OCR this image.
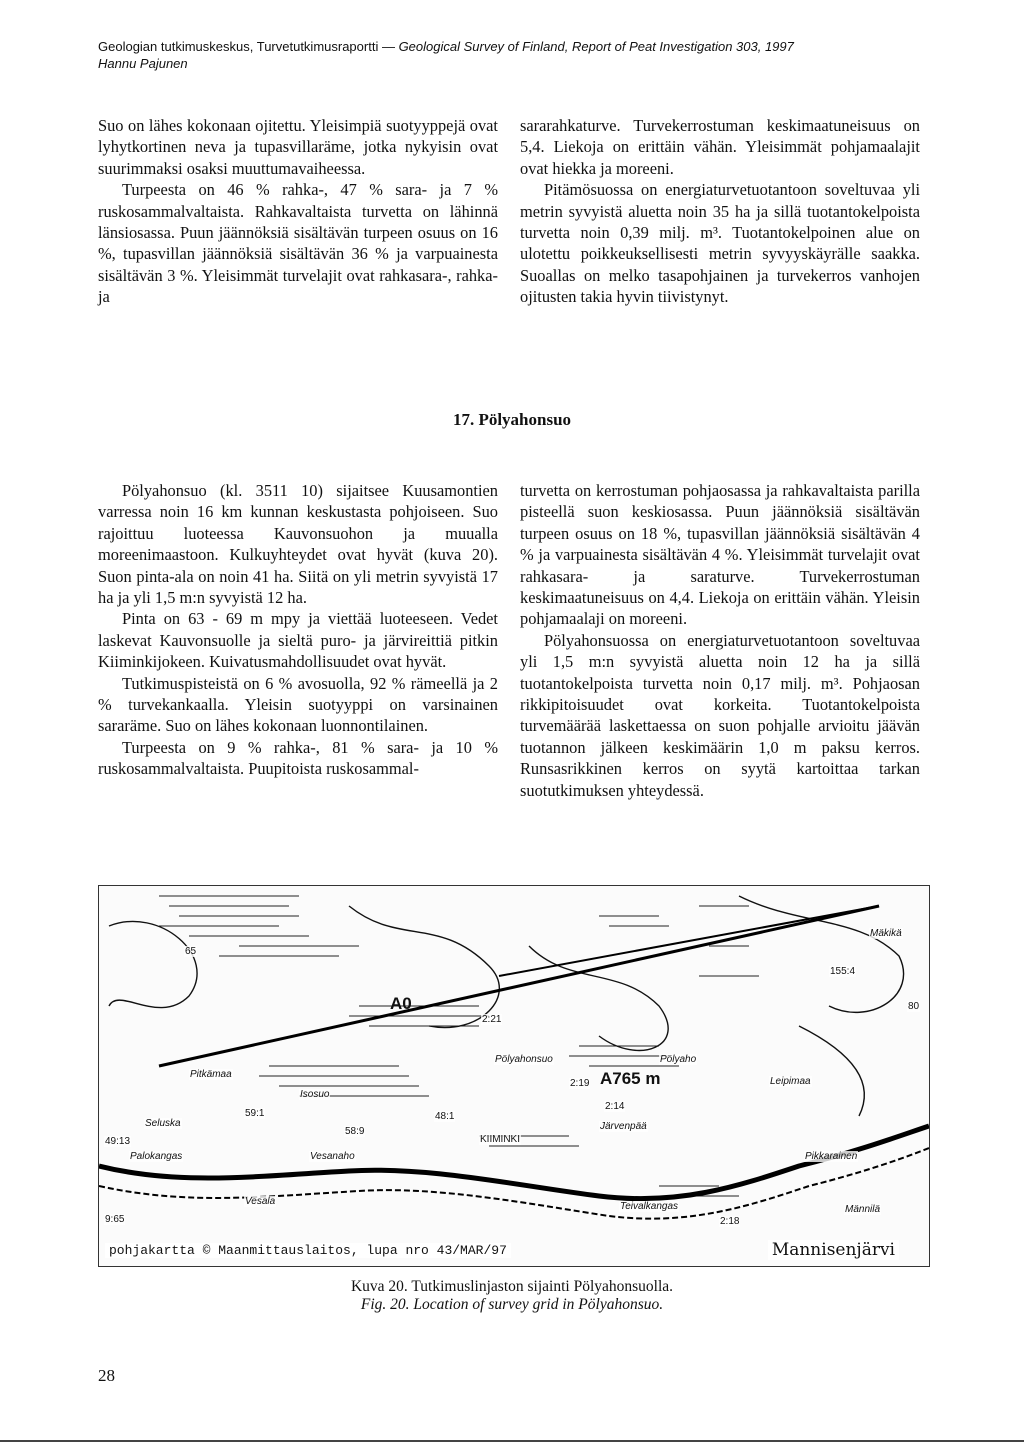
Geologian tutkimuskeskus, Turvetutkimusraportti — Geological Survey of Finland, Report of Peat Investigation 303, 1997
Hannu Pajunen

Suo on lähes kokonaan ojitettu. Yleisimpiä suotyyppejä ovat lyhytkortinen neva ja tupasvillaräme, jotka nykyisin ovat suurimmaksi osaksi muuttumavaiheessa.

Turpeesta on 46 % rahka-, 47 % sara- ja 7 % ruskosammalvaltaista. Rahkavaltaista turvetta on lähinnä länsiosassa. Puun jäännöksiä sisältävän turpeen osuus on 16 %, tupasvillan jäännöksiä sisältävän 36 % ja varpuainesta sisältävän 3 %. Yleisimmät turvelajit ovat rahkasara-, rahka- ja

sararahkaturve. Turvekerrostuman keskimaatuneisuus on 5,4. Liekoja on erittäin vähän. Yleisimmät pohjamaalajit ovat hiekka ja moreeni.

Pitämösuossa on energiaturvetuotantoon soveltuvaa yli metrin syvyistä aluetta noin 35 ha ja sillä tuotantokelpoista turvetta noin 0,39 milj. m³. Tuotantokelpoinen alue on ulotettu poikkeuksellisesti metrin syvyyskäyrälle saakka. Suoallas on melko tasapohjainen ja turvekerros vanhojen ojitusten takia hyvin tiivistynyt.

17. Pölyahonsuo

Pölyahonsuo (kl. 3511 10) sijaitsee Kuusamontien varressa noin 16 km kunnan keskustasta pohjoiseen. Suo rajoittuu luoteessa Kauvonsuohon ja muualla moreenimaastoon. Kulkuyhteydet ovat hyvät (kuva 20). Suon pinta-ala on noin 41 ha. Siitä on yli metrin syvyistä 17 ha ja yli 1,5 m:n syvyistä 12 ha.

Pinta on 63 - 69 m mpy ja viettää luoteeseen. Vedet laskevat Kauvonsuolle ja sieltä puro- ja järvireittiä pitkin Kiiminkijokeen. Kuivatusmahdollisuudet ovat hyvät.

Tutkimuspisteistä on 6 % avosuolla, 92 % rämeellä ja 2 % turvekankaalla. Yleisin suotyyppi on varsinainen sararäme. Suo on lähes kokonaan luonnontilainen.

Turpeesta on 9 % rahka-, 81 % sara- ja 10 % ruskosammalvaltaista. Puupitoista ruskosammal-

turvetta on kerrostuman pohjaosassa ja rahkavaltaista parilla pisteellä suon keskiosassa. Puun jäännöksiä sisältävän turpeen osuus on 18 %, tupasvillan jäännöksiä sisältävän 4 % ja varpuainesta sisältävän 4 %. Yleisimmät turvelajit ovat rahkasara- ja saraturve. Turvekerrostuman keskimaatuneisuus on 4,4. Liekoja on erittäin vähän. Yleisin pohjamaalaji on moreeni.

Pölyahonsuossa on energiaturvetuotantoon soveltuvaa yli 1,5 m:n syvyistä aluetta noin 12 ha ja sillä tuotantokelpoista turvetta noin 0,17 milj. m³. Pohjaosan rikkipitoisuudet ovat korkeita. Tuotantokelpoista turvemäärää laskettaessa on suon pohjalle arvioitu jäävän tuotannon jälkeen keskimäärin 1,0 m paksu kerros. Runsasrikkinen kerros on syytä kartoittaa tarkan suotutkimuksen yhteydessä.

A0
A765 m
Pölyahonsuo	Pölyaho
Pitkämaa
Isosuo
Seluska
Vesanaho
Palokangas
Vesala
Järvenpää
KIIMINKI
Teivalkangas
Leipimaa
Pikkarainen
Männilä
Mäkikä
155:4
65
80
2:21
2:19
2:14
2:18
48:1
58:9
59:1
49:13
9:65
pohjakartta © Maanmittauslaitos, lupa nro 43/MAR/97	Mannisenjärvi
Kuva 20. Tutkimuslinjaston sijainti Pölyahonsuolla.
Fig. 20. Location of survey grid in Pölyahonsuo.
28
